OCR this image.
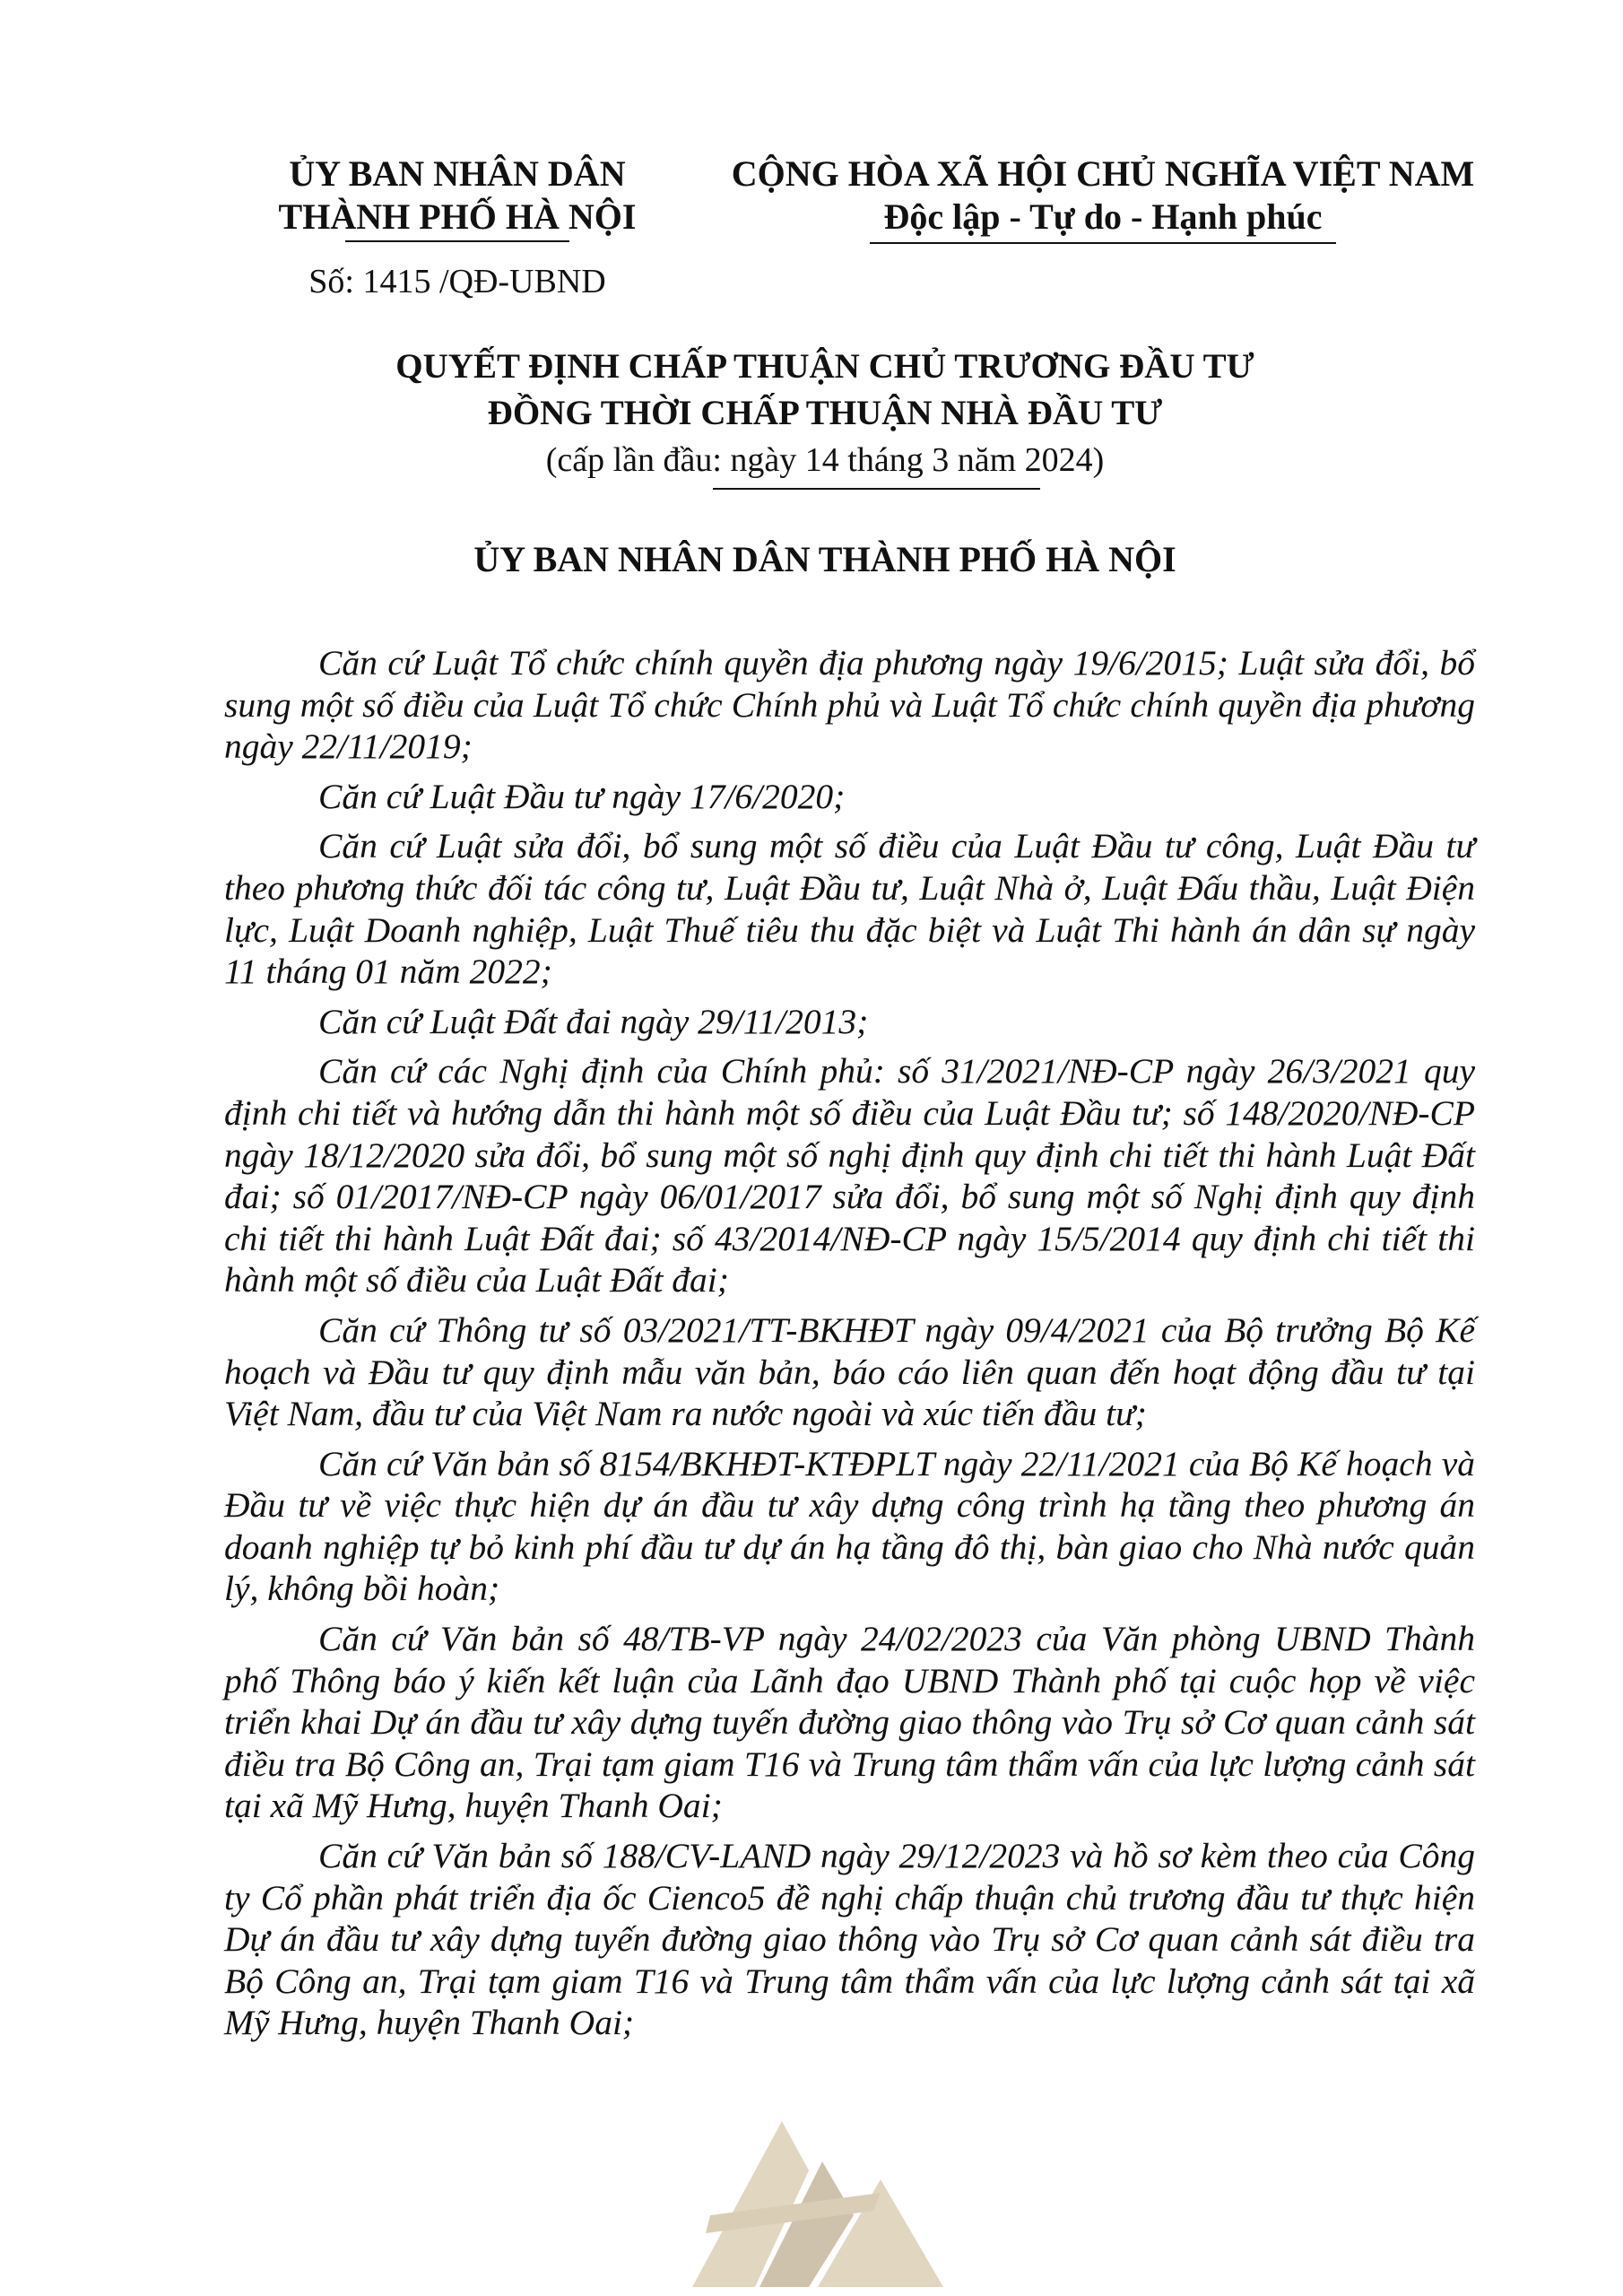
ỦY BAN NHÂN DÂN
THÀNH PHỐ HÀ NỘI
Số: 1415 /QĐ-UBND
CỘNG HÒA XÃ HỘI CHỦ NGHĨA VIỆT NAM
Độc lập - Tự do - Hạnh phúc
QUYẾT ĐỊNH CHẤP THUẬN CHỦ TRƯƠNG ĐẦU TƯ
ĐỒNG THỜI CHẤP THUẬN NHÀ ĐẦU TƯ
(cấp lần đầu: ngày 14 tháng 3 năm 2024)
ỦY BAN NHÂN DÂN THÀNH PHỐ HÀ NỘI

Căn cứ Luật Tổ chức chính quyền địa phương ngày 19/6/2015; Luật sửa đổi, bổ sung một số điều của Luật Tổ chức Chính phủ và Luật Tổ chức chính quyền địa phương ngày 22/11/2019;

Căn cứ Luật Đầu tư ngày 17/6/2020;

Căn cứ Luật sửa đổi, bổ sung một số điều của Luật Đầu tư công, Luật Đầu tư theo phương thức đối tác công tư, Luật Đầu tư, Luật Nhà ở, Luật Đấu thầu, Luật Điện lực, Luật Doanh nghiệp, Luật Thuế tiêu thu đặc biệt và Luật Thi hành án dân sự ngày 11 tháng 01 năm 2022;

Căn cứ Luật Đất đai ngày 29/11/2013;

Căn cứ các Nghị định của Chính phủ: số 31/2021/NĐ-CP ngày 26/3/2021 quy định chi tiết và hướng dẫn thi hành một số điều của Luật Đầu tư; số 148/2020/NĐ-CP ngày 18/12/2020 sửa đổi, bổ sung một số nghị định quy định chi tiết thi hành Luật Đất đai; số 01/2017/NĐ-CP ngày 06/01/2017 sửa đổi, bổ sung một số Nghị định quy định chi tiết thi hành Luật Đất đai; số 43/2014/NĐ-CP ngày 15/5/2014 quy định chi tiết thi hành một số điều của Luật Đất đai;

Căn cứ Thông tư số 03/2021/TT-BKHĐT ngày 09/4/2021 của Bộ trưởng Bộ Kế hoạch và Đầu tư quy định mẫu văn bản, báo cáo liên quan đến hoạt động đầu tư tại Việt Nam, đầu tư của Việt Nam ra nước ngoài và xúc tiến đầu tư;

Căn cứ Văn bản số 8154/BKHĐT-KTĐPLT ngày 22/11/2021 của Bộ Kế hoạch và Đầu tư về việc thực hiện dự án đầu tư xây dựng công trình hạ tầng theo phương án doanh nghiệp tự bỏ kinh phí đầu tư dự án hạ tầng đô thị, bàn giao cho Nhà nước quản lý, không bồi hoàn;

Căn cứ Văn bản số 48/TB-VP ngày 24/02/2023 của Văn phòng UBND Thành phố Thông báo ý kiến kết luận của Lãnh đạo UBND Thành phố tại cuộc họp về việc triển khai Dự án đầu tư xây dựng tuyến đường giao thông vào Trụ sở Cơ quan cảnh sát điều tra Bộ Công an, Trại tạm giam T16 và Trung tâm thẩm vấn của lực lượng cảnh sát tại xã Mỹ Hưng, huyện Thanh Oai;

Căn cứ Văn bản số 188/CV-LAND ngày 29/12/2023 và hồ sơ kèm theo của Công ty Cổ phần phát triển địa ốc Cienco5 đề nghị chấp thuận chủ trương đầu tư thực hiện Dự án đầu tư xây dựng tuyến đường giao thông vào Trụ sở Cơ quan cảnh sát điều tra Bộ Công an, Trại tạm giam T16 và Trung tâm thẩm vấn của lực lượng cảnh sát tại xã Mỹ Hưng, huyện Thanh Oai;
